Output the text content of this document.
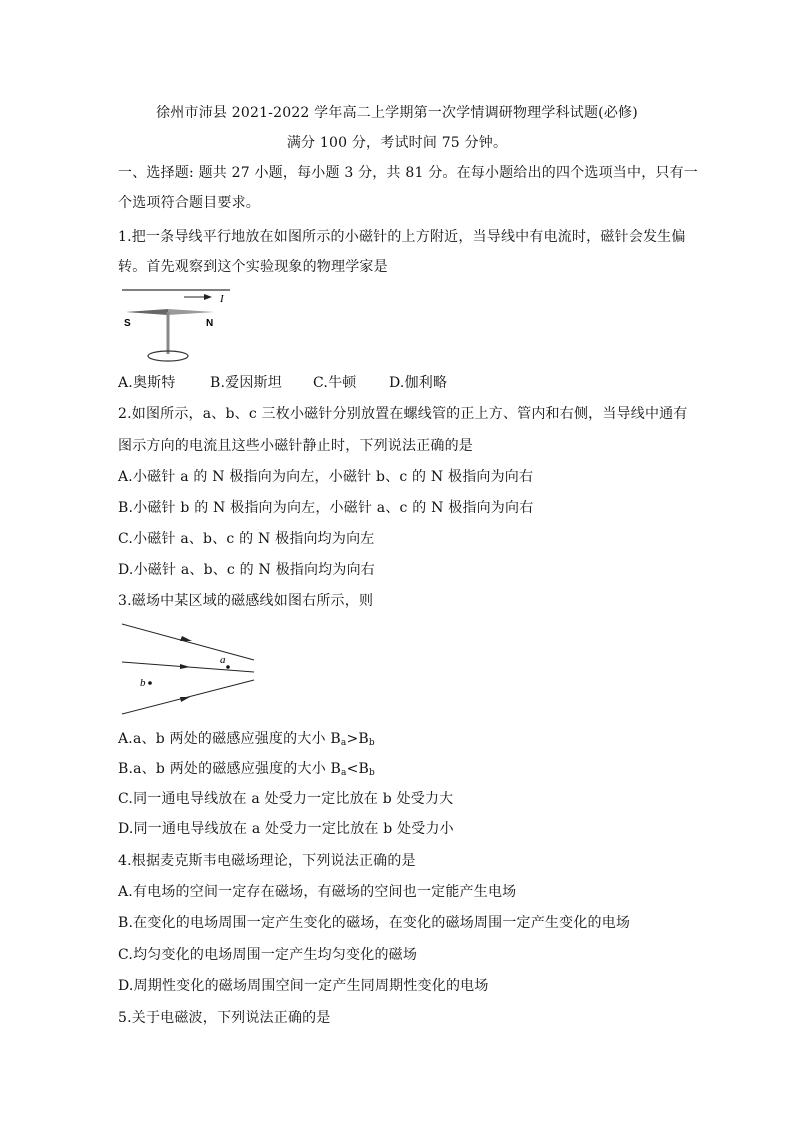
徐州市沛县 2021-2022 学年高二上学期第一次学情调研物理学科试题(必修)
满分 100 分，考试时间 75 分钟。
一、选择题: 题共 27 小题，每小题 3 分，共 81 分。在每小题给出的四个选项当中，只有一
个选项符合题目要求。
1.把一条导线平行地放在如图所示的小磁针的上方附近，当导线中有电流时，磁针会发生偏
转。首先观察到这个实验现象的物理学家是
I
S	N
A.奥斯特	B.爱因斯坦	C.牛顿	D.伽利略
2.如图所示，a、b、c 三枚小磁针分别放置在螺线管的正上方、管内和右侧，当导线中通有
图示方向的电流且这些小磁针静止时，下列说法正确的是
A.小磁针 a 的 N 极指向为向左，小磁针 b、c 的 N 极指向为向右
B.小磁针 b 的 N 极指向为向左，小磁针 a、c 的 N 极指向为向右
C.小磁针 a、b、c 的 N 极指向均为向左
D.小磁针 a、b、c 的 N 极指向均为向右
3.磁场中某区域的磁感线如图右所示，则
a
b
A.a、b 两处的磁感应强度的大小 $B_a>B_b$
B.a、b 两处的磁感应强度的大小 $B_a<B_b$
C.同一通电导线放在 a 处受力一定比放在 b 处受力大
D.同一通电导线放在 a 处受力一定比放在 b 处受力小
4.根据麦克斯韦电磁场理论，下列说法正确的是
A.有电场的空间一定存在磁场，有磁场的空间也一定能产生电场
B.在变化的电场周围一定产生变化的磁场，在变化的磁场周围一定产生变化的电场
C.均匀变化的电场周围一定产生均匀变化的磁场
D.周期性变化的磁场周围空间一定产生同周期性变化的电场
5.关于电磁波，下列说法正确的是
